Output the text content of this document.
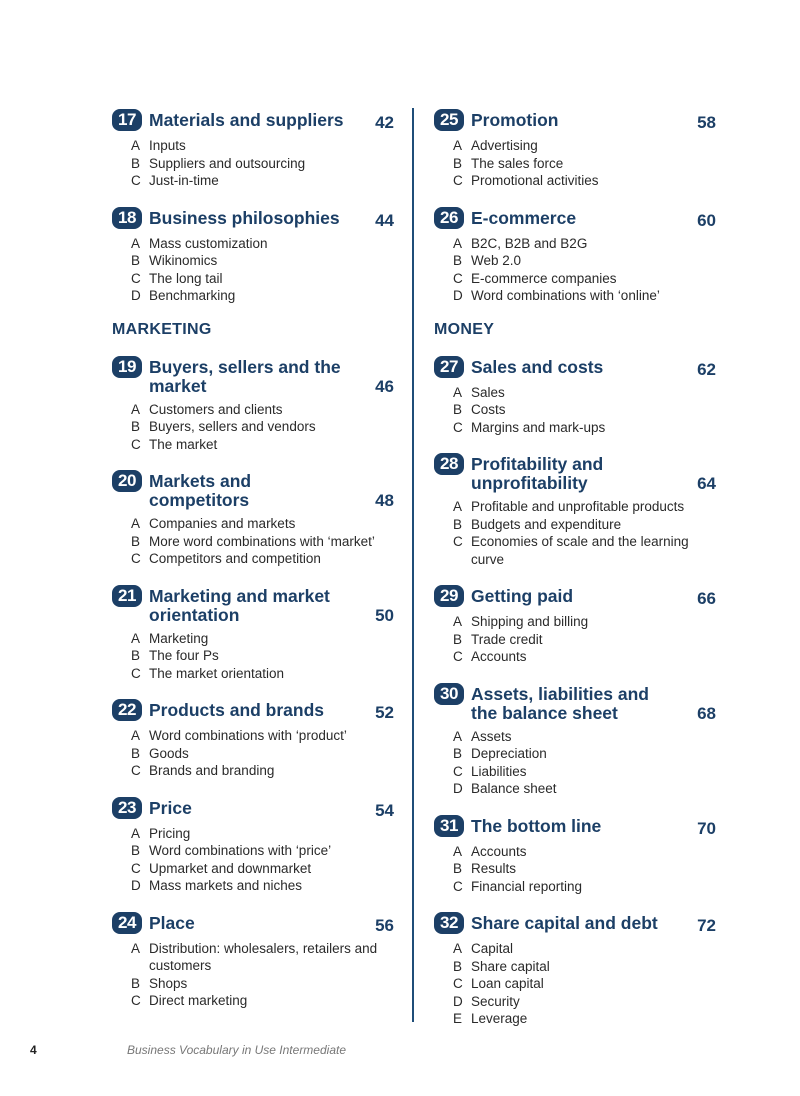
17 Materials and suppliers	42
A Inputs
B Suppliers and outsourcing
C Just-in-time
18 Business philosophies	44
A Mass customization
B Wikinomics
C The long tail
D Benchmarking
MARKETING
19 Buyers, sellers and the market	46
A Customers and clients
B Buyers, sellers and vendors
C The market
20 Markets and competitors	48
A Companies and markets
B More word combinations with ‘market’
C Competitors and competition
21 Marketing and market orientation	50
A Marketing
B The four Ps
C The market orientation
22 Products and brands	52
A Word combinations with ‘product’
B Goods
C Brands and branding
23 Price	54
A Pricing
B Word combinations with ‘price’
C Upmarket and downmarket
D Mass markets and niches
24 Place	56
A Distribution: wholesalers, retailers and customers
B Shops
C Direct marketing
25 Promotion	58
A Advertising
B The sales force
C Promotional activities
26 E-commerce	60
A B2C, B2B and B2G
B Web 2.0
C E-commerce companies
D Word combinations with ‘online’
MONEY
27 Sales and costs	62
A Sales
B Costs
C Margins and mark-ups
28 Profitability and unprofitability	64
A Profitable and unprofitable products
B Budgets and expenditure
C Economies of scale and the learning curve
29 Getting paid	66
A Shipping and billing
B Trade credit
C Accounts
30 Assets, liabilities and the balance sheet	68
A Assets
B Depreciation
C Liabilities
D Balance sheet
31 The bottom line	70
A Accounts
B Results
C Financial reporting
32 Share capital and debt	72
A Capital
B Share capital
C Loan capital
D Security
E Leverage
4	Business Vocabulary in Use Intermediate
